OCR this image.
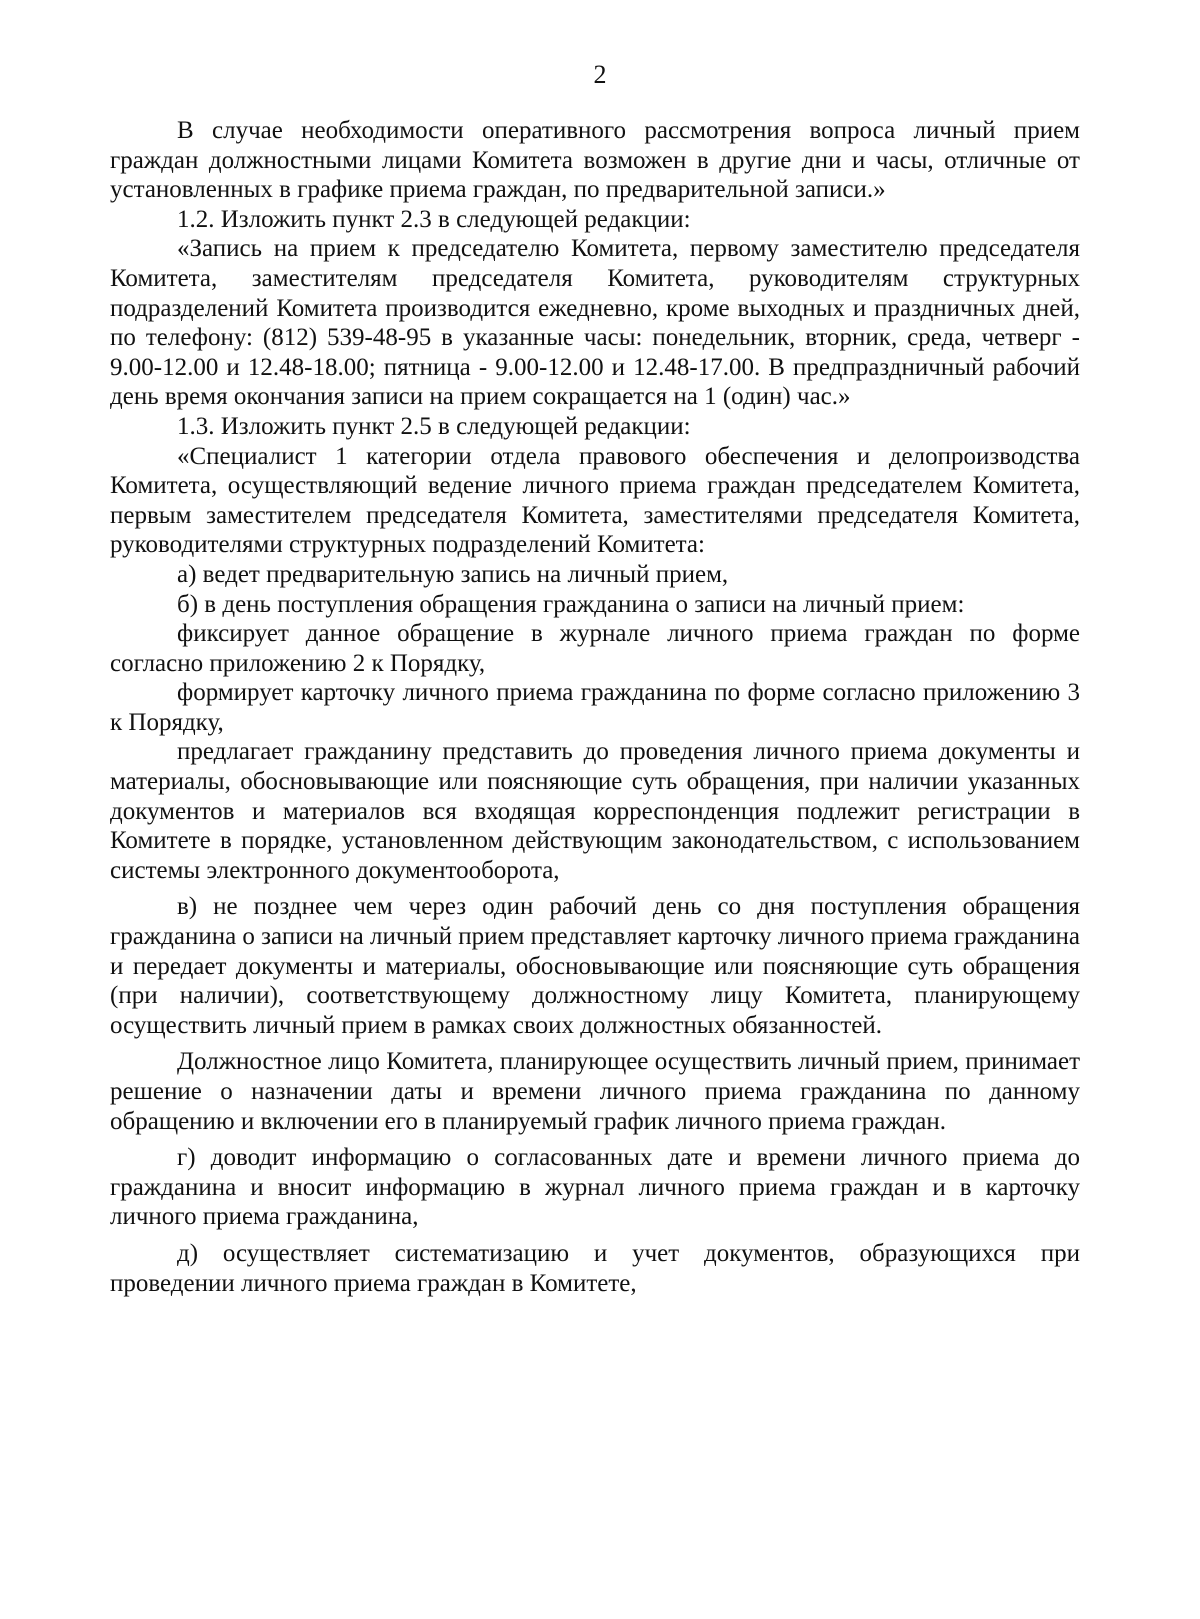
2

В случае необходимости оперативного рассмотрения вопроса личный прием граждан должностными лицами Комитета возможен в другие дни и часы, отличные от установленных в графике приема граждан, по предварительной записи.»

1.2. Изложить пункт 2.3 в следующей редакции:

«Запись на прием к председателю Комитета, первому заместителю председателя Комитета, заместителям председателя Комитета, руководителям структурных подразделений Комитета производится ежедневно, кроме выходных и праздничных дней, по телефону: (812) 539-48-95 в указанные часы: понедельник, вторник, среда, четверг - 9.00-12.00 и 12.48-18.00; пятница - 9.00-12.00 и 12.48-17.00. В предпраздничный рабочий день время окончания записи на прием сокращается на 1 (один) час.»

1.3. Изложить пункт 2.5 в следующей редакции:

«Специалист 1 категории отдела правового обеспечения и делопроизводства Комитета, осуществляющий ведение личного приема граждан председателем Комитета, первым заместителем председателя Комитета, заместителями председателя Комитета, руководителями структурных подразделений Комитета:

а) ведет предварительную запись на личный прием,

б) в день поступления обращения гражданина о записи на личный прием:

фиксирует данное обращение в журнале личного приема граждан по форме согласно приложению 2 к Порядку,

формирует карточку личного приема гражданина по форме согласно приложению 3 к Порядку,

предлагает гражданину представить до проведения личного приема документы и материалы, обосновывающие или поясняющие суть обращения, при наличии указанных документов и материалов вся входящая корреспонденция подлежит регистрации в Комитете в порядке, установленном действующим законодательством, с использованием системы электронного документооборота,

в) не позднее чем через один рабочий день со дня поступления обращения гражданина о записи на личный прием представляет карточку личного приема гражданина и передает документы и материалы, обосновывающие или поясняющие суть обращения (при наличии), соответствующему должностному лицу Комитета, планирующему осуществить личный прием в рамках своих должностных обязанностей.

Должностное лицо Комитета, планирующее осуществить личный прием, принимает решение о назначении даты и времени личного приема гражданина по данному обращению и включении его в планируемый график личного приема граждан.

г) доводит информацию о согласованных дате и времени личного приема до гражданина и вносит информацию в журнал личного приема граждан и в карточку личного приема гражданина,

д) осуществляет систематизацию и учет документов, образующихся при проведении личного приема граждан в Комитете,
